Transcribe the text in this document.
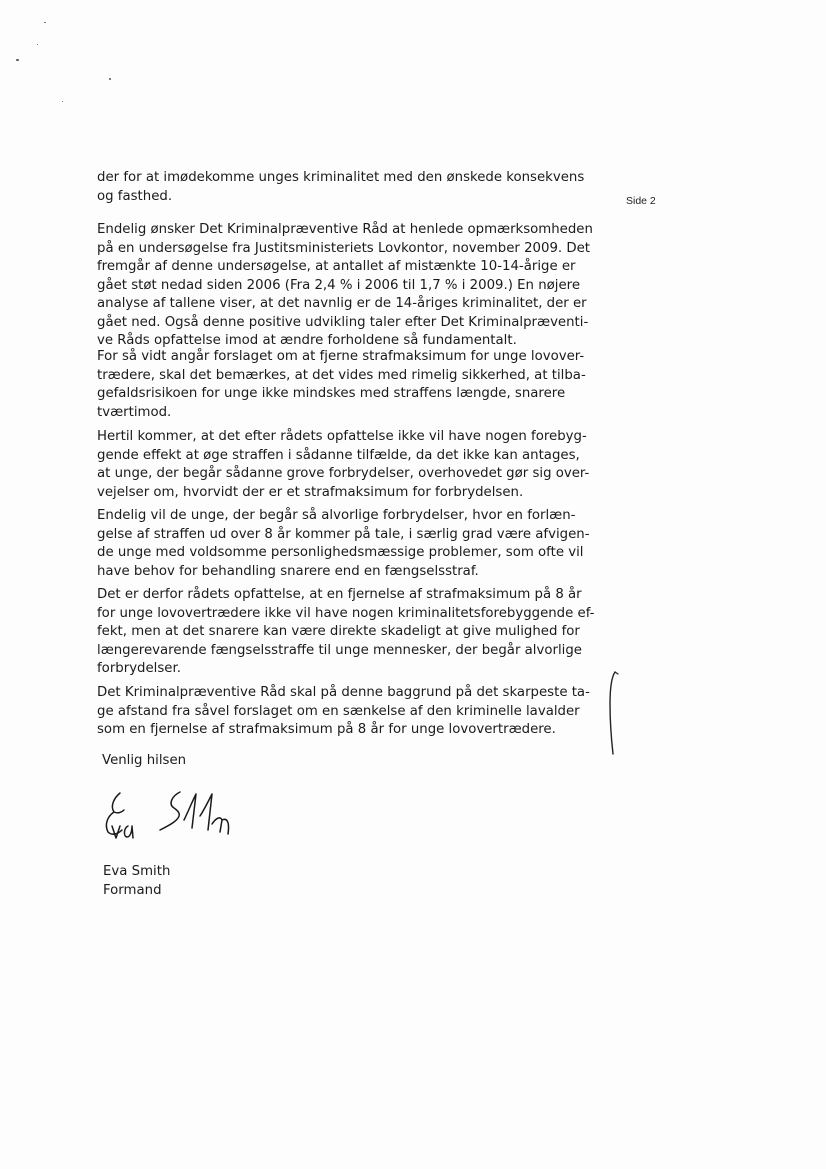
Side 2
der for at imødekomme unges kriminalitet med den ønskede konsekvens
og fasthed.
Endelig ønsker Det Kriminalpræventive Råd at henlede opmærksomheden
på en undersøgelse fra Justitsministeriets Lovkontor, november 2009. Det
fremgår af denne undersøgelse, at antallet af mistænkte 10-14-årige er
gået støt nedad siden 2006 (Fra 2,4 % i 2006 til 1,7 % i 2009.) En nøjere
analyse af tallene viser, at det navnlig er de 14-åriges kriminalitet, der er
gået ned. Også denne positive udvikling taler efter Det Kriminalpræventi-
ve Råds opfattelse imod at ændre forholdene så fundamentalt.
For så vidt angår forslaget om at fjerne strafmaksimum for unge lovover-
trædere, skal det bemærkes, at det vides med rimelig sikkerhed, at tilba-
gefaldsrisikoen for unge ikke mindskes med straffens længde, snarere
tværtimod.
Hertil kommer, at det efter rådets opfattelse ikke vil have nogen forebyg-
gende effekt at øge straffen i sådanne tilfælde, da det ikke kan antages,
at unge, der begår sådanne grove forbrydelser, overhovedet gør sig over-
vejelser om, hvorvidt der er et strafmaksimum for forbrydelsen.
Endelig vil de unge, der begår så alvorlige forbrydelser, hvor en forlæn-
gelse af straffen ud over 8 år kommer på tale, i særlig grad være afvigen-
de unge med voldsomme personlighedsmæssige problemer, som ofte vil
have behov for behandling snarere end en fængselsstraf.
Det er derfor rådets opfattelse, at en fjernelse af strafmaksimum på 8 år
for unge lovovertrædere ikke vil have nogen kriminalitetsforebyggende ef-
fekt, men at det snarere kan være direkte skadeligt at give mulighed for
længerevarende fængselsstraffe til unge mennesker, der begår alvorlige
forbrydelser.
Det Kriminalpræventive Råd skal på denne baggrund på det skarpeste ta-
ge afstand fra såvel forslaget om en sænkelse af den kriminelle lavalder
som en fjernelse af strafmaksimum på 8 år for unge lovovertrædere.
Venlig hilsen
Eva Smith
Formand
